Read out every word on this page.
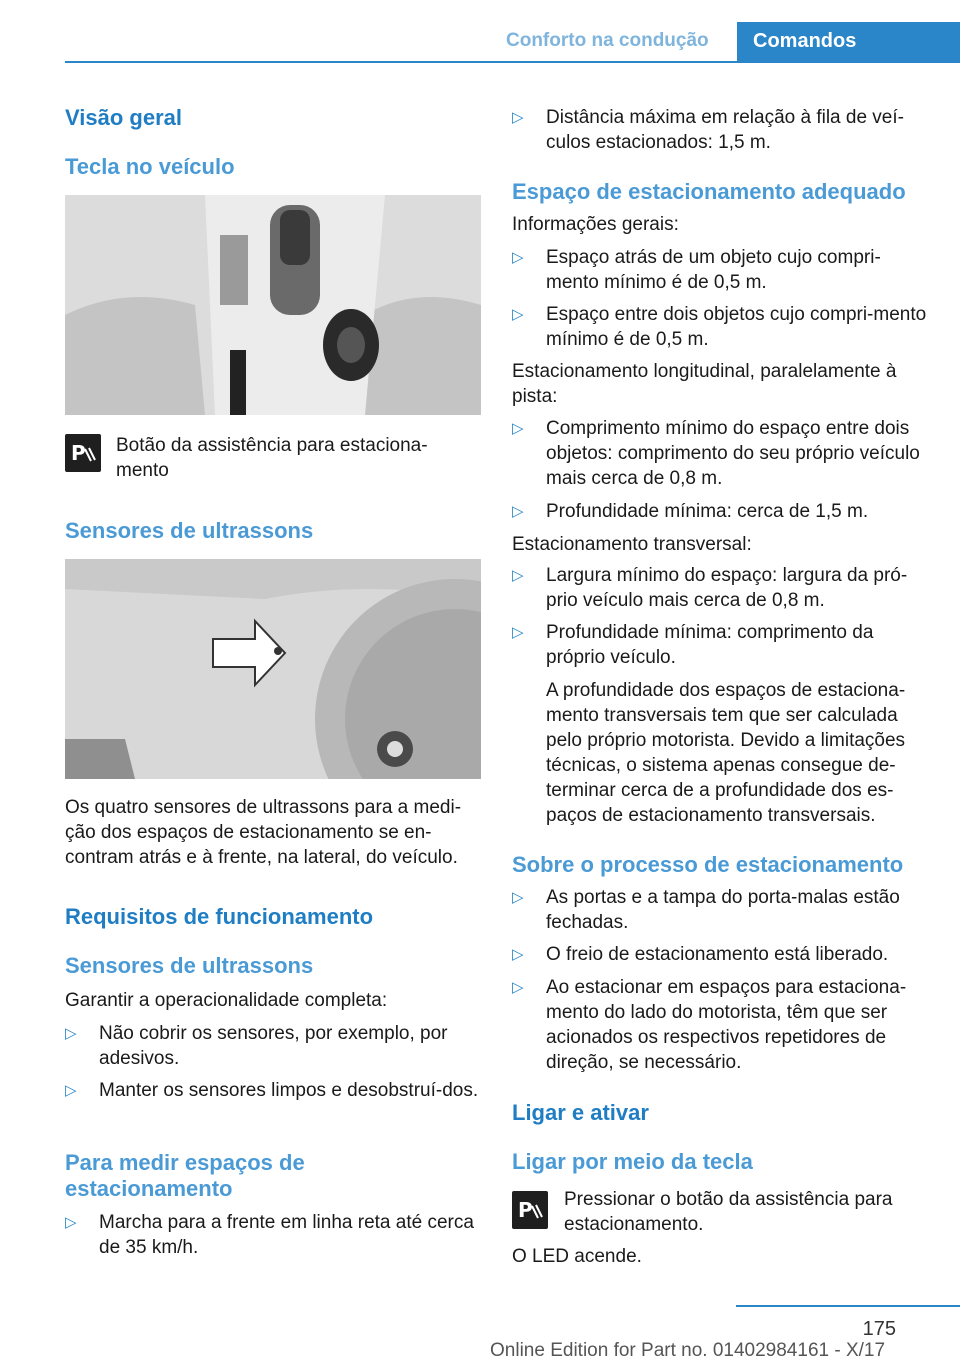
Conforto na condução Comandos
Visão geral
Tecla no veículo
P Botão da assistência para estaciona‐
mento
Sensores de ultrassons
Os quatro sensores de ultrassons para a medi‐ção dos espaços de estacionamento se en‐contram atrás e à frente, na lateral, do veículo.
Requisitos de funcionamento
Sensores de ultrassons
Garantir a operacionalidade completa:
▷ Não cobrir os sensores, por exemplo, por adesivos.
▷ Manter os sensores limpos e desobstruí‐dos.
Para medir espaços de estacionamento
▷ Marcha para a frente em linha reta até cerca de 35 km/h.
▷ Distância máxima em relação à fila de veí‐culos estacionados: 1,5 m.
Espaço de estacionamento adequado
Informações gerais:
▷ Espaço atrás de um objeto cujo compri‐mento mínimo é de 0,5 m.
▷ Espaço entre dois objetos cujo compri‐mento mínimo é de 0,5 m.
Estacionamento longitudinal, paralelamente à pista:
▷ Comprimento mínimo do espaço entre dois objetos: comprimento do seu próprio veículo mais cerca de 0,8 m.
▷ Profundidade mínima: cerca de 1,5 m.
Estacionamento transversal:
▷ Largura mínimo do espaço: largura da pró‐prio veículo mais cerca de 0,8 m.
▷ Profundidade mínima: comprimento da próprio veículo.
A profundidade dos espaços de estaciona‐mento transversais tem que ser calculada pelo próprio motorista. Devido a limitações técnicas, o sistema apenas consegue de‐terminar cerca de a profundidade dos es‐paços de estacionamento transversais.
Sobre o processo de estacionamento
▷ As portas e a tampa do porta-malas estão fechadas.
▷ O freio de estacionamento está liberado.
▷ Ao estacionar em espaços para estaciona‐mento do lado do motorista, têm que ser acionados os respectivos repetidores de direção, se necessário.
Ligar e ativar
Ligar por meio da tecla
P Pressionar o botão da assistência para estacionamento.
O LED acende.
175
Online Edition for Part no. 01402984161 - X/17
